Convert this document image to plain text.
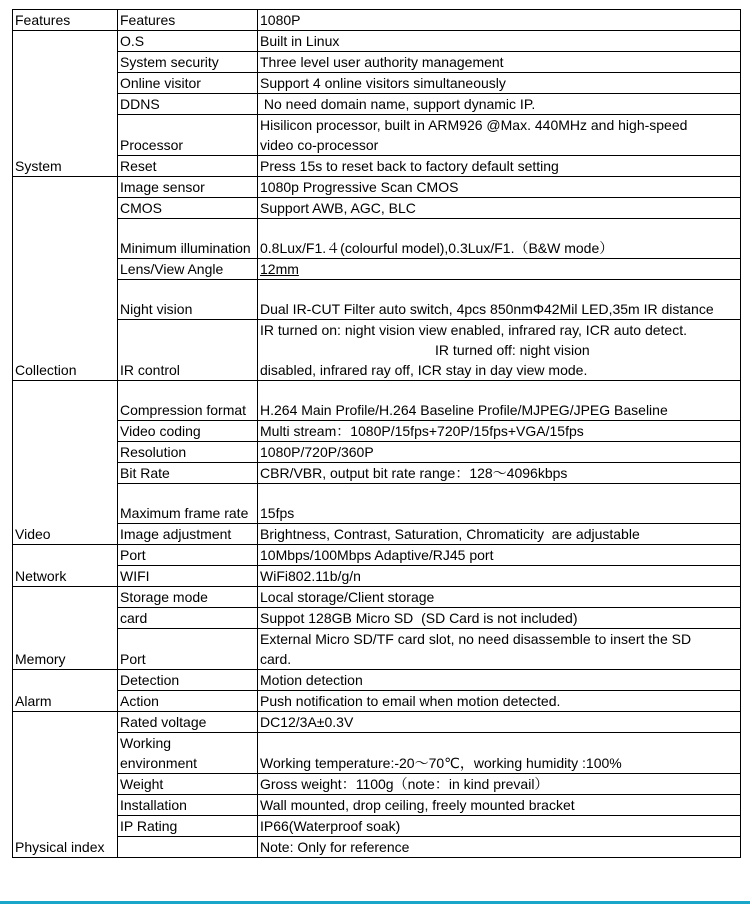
Features	Features	1080P
System	O.S	Built in Linux
	System security	Three level user authority management
	Online visitor	Support 4 online visitors simultaneously
	DDNS	No need domain name, support dynamic IP.
	Processor	Hisilicon processor, built in ARM926 @Max. 440MHz and high-speed
video co-processor
	Reset	Press 15s to reset back to factory default setting
Collection	Image sensor	1080p Progressive Scan CMOS
	CMOS	Support AWB, AGC, BLC
	Minimum illumination	0.8Lux/F1.４(colourful model),0.3Lux/F1.（B&W mode）
	Lens/View Angle	12mm
	Night vision	Dual IR-CUT Filter auto switch, 4pcs 850nmΦ42Mil LED,35m IR distance
	IR control	IR turned on: night vision view enabled, infrared ray, ICR auto detect.
IR turned off: night vision
disabled, infrared ray off, ICR stay in day view mode.
Video	Compression format	H.264 Main Profile/H.264 Baseline Profile/MJPEG/JPEG Baseline
	Video coding	Multi stream：1080P/15fps+720P/15fps+VGA/15fps
	Resolution	1080P/720P/360P
	Bit Rate	CBR/VBR, output bit rate range：128～4096kbps
	Maximum frame rate	15fps
	Image adjustment	Brightness, Contrast, Saturation, Chromaticity  are adjustable
Network	Port	10Mbps/100Mbps Adaptive/RJ45 port
	WIFI	WiFi802.11b/g/n
Memory	Storage mode	Local storage/Client storage
	card	Suppot 128GB Micro SD  (SD Card is not included)
	Port	External Micro SD/TF card slot, no need disassemble to insert the SD
card.
Alarm	Detection	Motion detection
	Action	Push notification to email when motion detected.
Physical index	Rated voltage	DC12/3A±0.3V
	Working
environment	Working temperature:-20～70℃，working humidity :100%
	Weight	Gross weight：1100g（note：in kind prevail）
	Installation	Wall mounted, drop ceiling, freely mounted bracket
	IP Rating	IP66(Waterproof soak)
		Note: Only for reference
